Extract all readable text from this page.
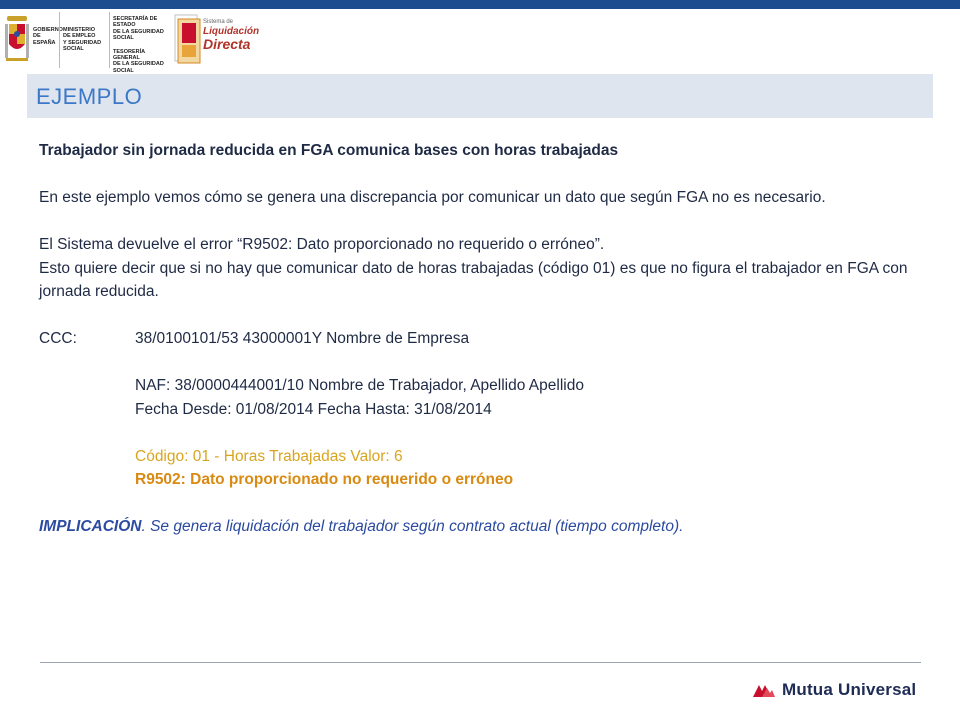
GOBIERNO
DE ESPAÑA
MINISTERIO
DE EMPLEO
Y SEGURIDAD SOCIAL
SECRETARÍA DE ESTADO
DE LA SEGURIDAD SOCIAL
TESORERÍA GENERAL
DE LA SEGURIDAD SOCIAL
Sistema de
Liquidación
Directa
EJEMPLO

Trabajador sin jornada reducida en FGA comunica bases con horas trabajadas

En este ejemplo vemos cómo se genera una discrepancia por comunicar un dato que según FGA no es necesario.

El Sistema devuelve el error “R9502: Dato proporcionado no requerido o erróneo”.

Esto quiere decir que si no hay que comunicar dato de horas trabajadas (código 01) es que no figura el trabajador en FGA con jornada reducida.

CCC:	38/0100101/53 43000001Y Nombre de Empresa

NAF: 38/0000444001/10 Nombre de Trabajador, Apellido Apellido

Fecha Desde: 01/08/2014 Fecha Hasta: 31/08/2014

Código: 01 - Horas Trabajadas Valor: 6

R9502: Dato proporcionado no requerido o erróneo

IMPLICACIÓN. Se genera liquidación del trabajador según contrato actual (tiempo completo).

Mutua Universal
